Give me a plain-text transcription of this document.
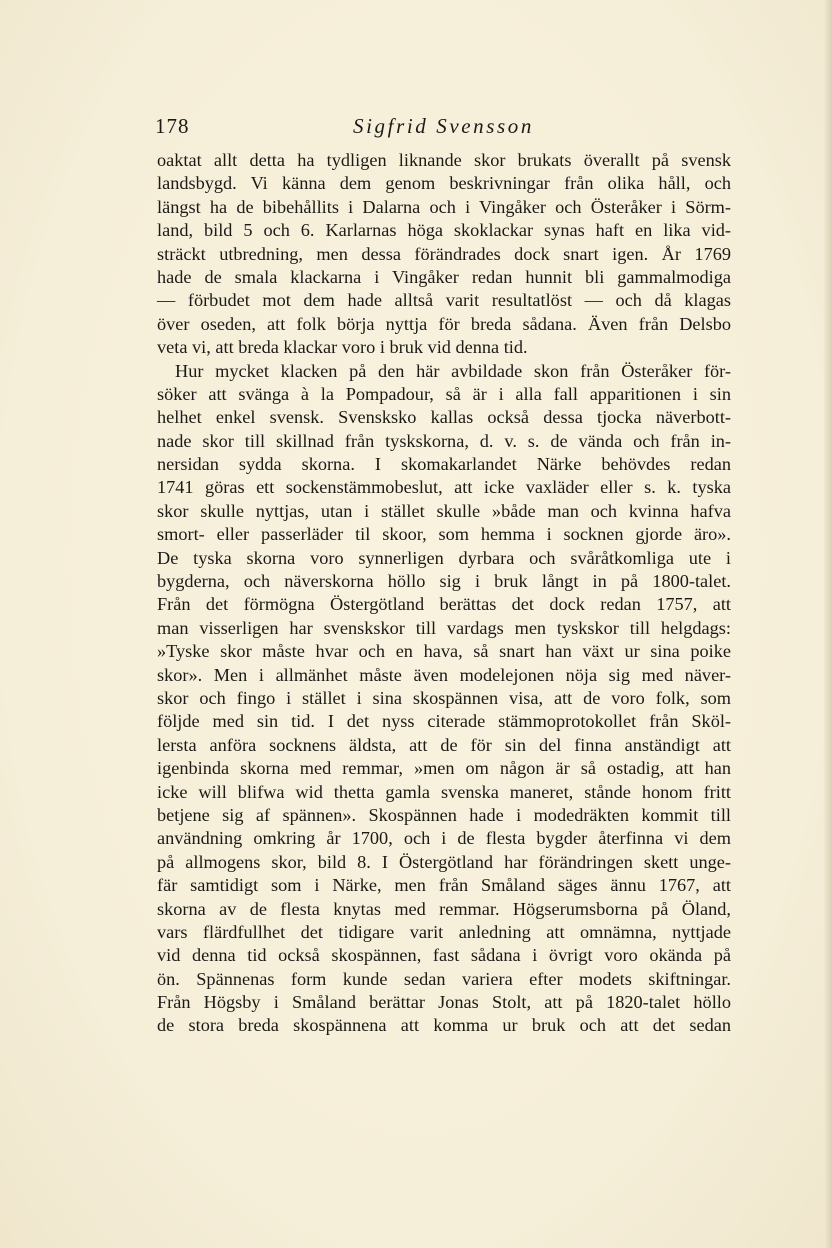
178	Sigfrid Svensson
oaktat allt detta ha tydligen liknande skor brukats överallt på svensk
landsbygd. Vi känna dem genom beskrivningar från olika håll, och
längst ha de bibehållits i Dalarna och i Vingåker och Österåker i Sörm-
land, bild 5 och 6. Karlarnas höga skoklackar synas haft en lika vid-
sträckt utbredning, men dessa förändrades dock snart igen. År 1769
hade de smala klackarna i Vingåker redan hunnit bli gammalmodiga
— förbudet mot dem hade alltså varit resultatlöst — och då klagas
över oseden, att folk börja nyttja för breda sådana. Även från Delsbo
veta vi, att breda klackar voro i bruk vid denna tid.
Hur mycket klacken på den här avbildade skon från Österåker för-
söker att svänga à la Pompadour, så är i alla fall apparitionen i sin
helhet enkel svensk. Svensksko kallas också dessa tjocka näverbott-
nade skor till skillnad från tyskskorna, d. v. s. de vända och från in-
nersidan sydda skorna. I skomakarlandet Närke behövdes redan
1741 göras ett sockenstämmobeslut, att icke vaxläder eller s. k. tyska
skor skulle nyttjas, utan i stället skulle »både man och kvinna hafva
smort- eller passerläder til skoor, som hemma i socknen gjorde äro».
De tyska skorna voro synnerligen dyrbara och svåråtkomliga ute i
bygderna, och näverskorna höllo sig i bruk långt in på 1800-talet.
Från det förmögna Östergötland berättas det dock redan 1757, att
man visserligen har svenskskor till vardags men tyskskor till helgdags:
»Tyske skor måste hvar och en hava, så snart han växt ur sina poike
skor». Men i allmänhet måste även modelejonen nöja sig med näver-
skor och fingo i stället i sina skospännen visa, att de voro folk, som
följde med sin tid. I det nyss citerade stämmoprotokollet från Sköl-
lersta anföra socknens äldsta, att de för sin del finna anständigt att
igenbinda skorna med remmar, »men om någon är så ostadig, att han
icke will blifwa wid thetta gamla svenska maneret, stånde honom fritt
betjene sig af spännen». Skospännen hade i modedräkten kommit till
användning omkring år 1700, och i de flesta bygder återfinna vi dem
på allmogens skor, bild 8. I Östergötland har förändringen skett unge-
fär samtidigt som i Närke, men från Småland säges ännu 1767, att
skorna av de flesta knytas med remmar. Högserumsborna på Öland,
vars flärdfullhet det tidigare varit anledning att omnämna, nyttjade
vid denna tid också skospännen, fast sådana i övrigt voro okända på
ön. Spännenas form kunde sedan variera efter modets skiftningar.
Från Högsby i Småland berättar Jonas Stolt, att på 1820-talet höllo
de stora breda skospännena att komma ur bruk och att det sedan
